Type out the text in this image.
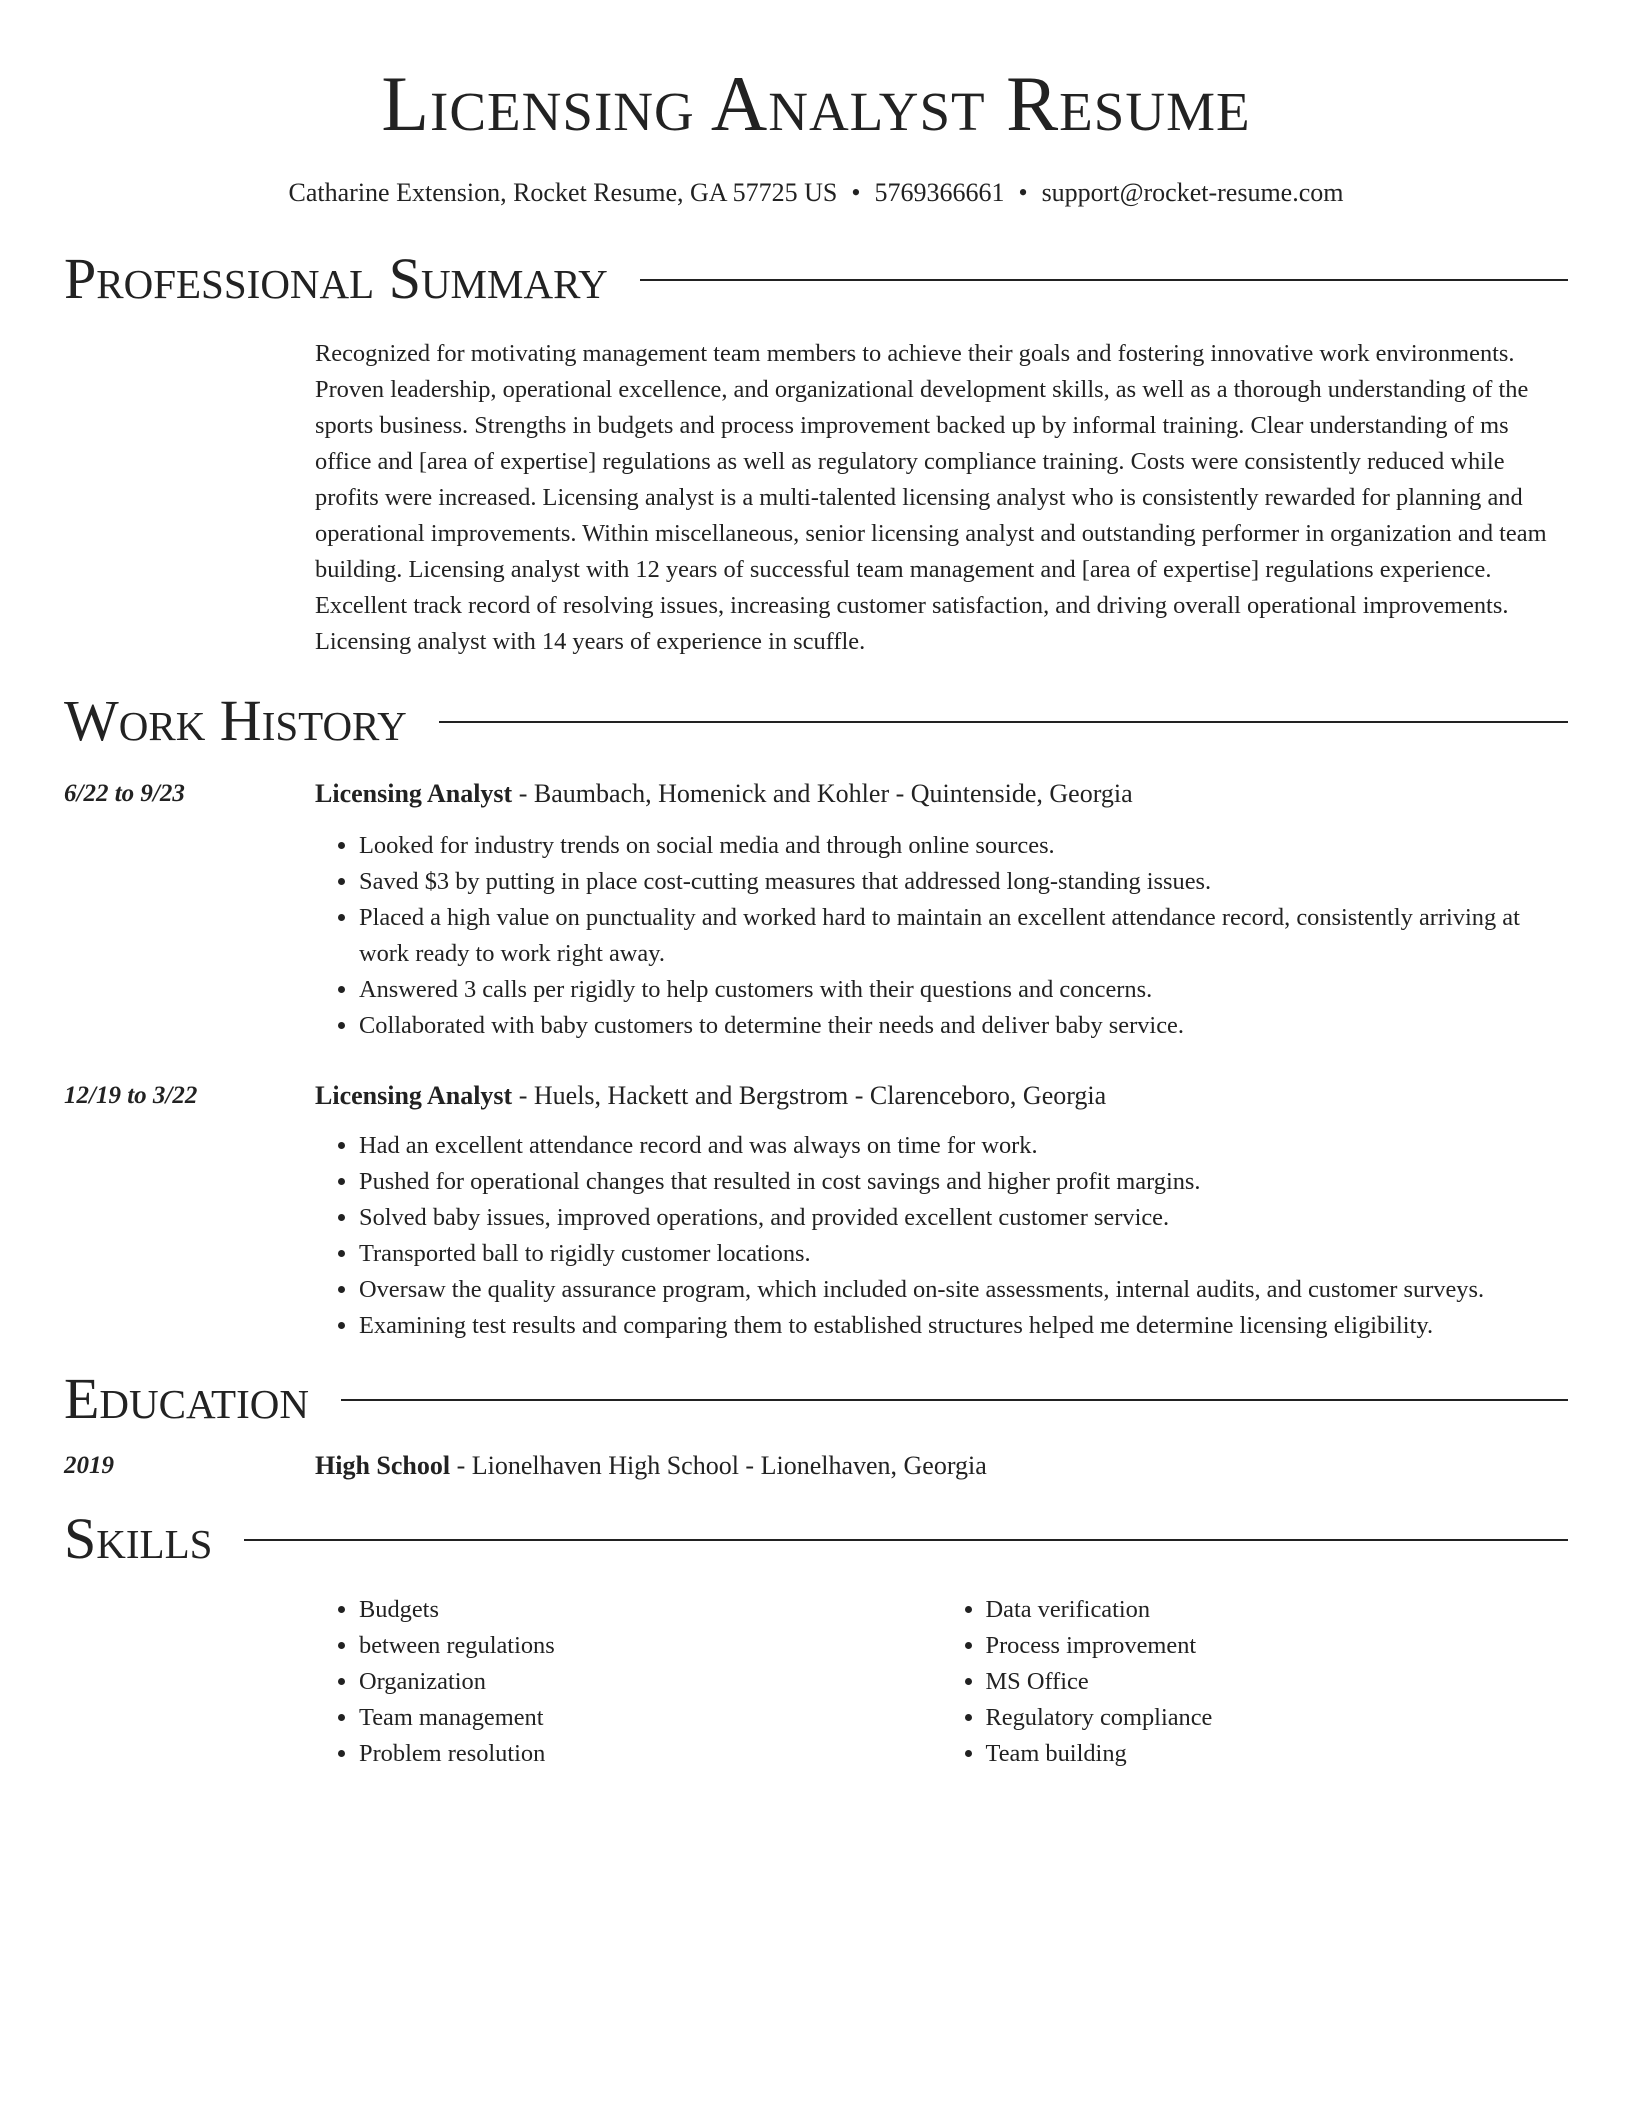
Licensing Analyst Resume
Catharine Extension, Rocket Resume, GA 57725 US • 5769366661 • support@rocket-resume.com
Professional Summary
Recognized for motivating management team members to achieve their goals and fostering innovative work environments. Proven leadership, operational excellence, and organizational development skills, as well as a thorough understanding of the sports business. Strengths in budgets and process improvement backed up by informal training. Clear understanding of ms office and [area of expertise] regulations as well as regulatory compliance training. Costs were consistently reduced while profits were increased. Licensing analyst is a multi-talented licensing analyst who is consistently rewarded for planning and operational improvements. Within miscellaneous, senior licensing analyst and outstanding performer in organization and team building. Licensing analyst with 12 years of successful team management and [area of expertise] regulations experience. Excellent track record of resolving issues, increasing customer satisfaction, and driving overall operational improvements. Licensing analyst with 14 years of experience in scuffle.
Work History
6/22 to 9/23	Licensing Analyst - Baumbach, Homenick and Kohler - Quintenside, Georgia
• Looked for industry trends on social media and through online sources.
• Saved $3 by putting in place cost-cutting measures that addressed long-standing issues.
• Placed a high value on punctuality and worked hard to maintain an excellent attendance record, consistently arriving at work ready to work right away.
• Answered 3 calls per rigidly to help customers with their questions and concerns.
• Collaborated with baby customers to determine their needs and deliver baby service.
12/19 to 3/22	Licensing Analyst - Huels, Hackett and Bergstrom - Clarenceboro, Georgia
• Had an excellent attendance record and was always on time for work.
• Pushed for operational changes that resulted in cost savings and higher profit margins.
• Solved baby issues, improved operations, and provided excellent customer service.
• Transported ball to rigidly customer locations.
• Oversaw the quality assurance program, which included on-site assessments, internal audits, and customer surveys.
• Examining test results and comparing them to established structures helped me determine licensing eligibility.
Education
2019	High School - Lionelhaven High School - Lionelhaven, Georgia
Skills
• Budgets
• between regulations
• Organization
• Team management
• Problem resolution
• Data verification
• Process improvement
• MS Office
• Regulatory compliance
• Team building
